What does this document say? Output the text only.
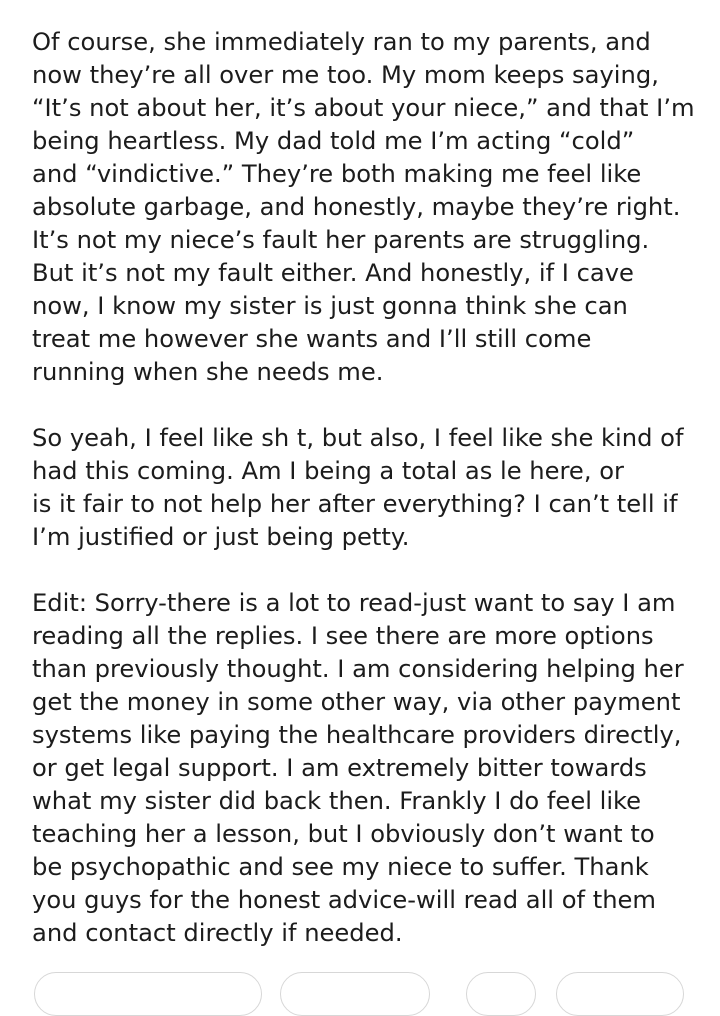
Of course, she immediately ran to my parents, and
now they’re all over me too. My mom keeps saying,
“It’s not about her, it’s about your niece,” and that I’m
being heartless. My dad told me I’m acting “cold”
and “vindictive.” They’re both making me feel like
absolute garbage, and honestly, maybe they’re right.
It’s not my niece’s fault her parents are struggling.
But it’s not my fault either. And honestly, if I cave
now, I know my sister is just gonna think she can
treat me however she wants and I’ll still come
running when she needs me.

So yeah, I feel like sh t, but also, I feel like she kind of
had this coming. Am I being a total as le here, or
is it fair to not help her after everything? I can’t tell if
I’m justified or just being petty.

Edit: Sorry-there is a lot to read-just want to say I am
reading all the replies. I see there are more options
than previously thought. I am considering helping her
get the money in some other way, via other payment
systems like paying the healthcare providers directly,
or get legal support. I am extremely bitter towards
what my sister did back then. Frankly I do feel like
teaching her a lesson, but I obviously don’t want to
be psychopathic and see my niece to suffer. Thank
you guys for the honest advice-will read all of them
and contact directly if needed.
